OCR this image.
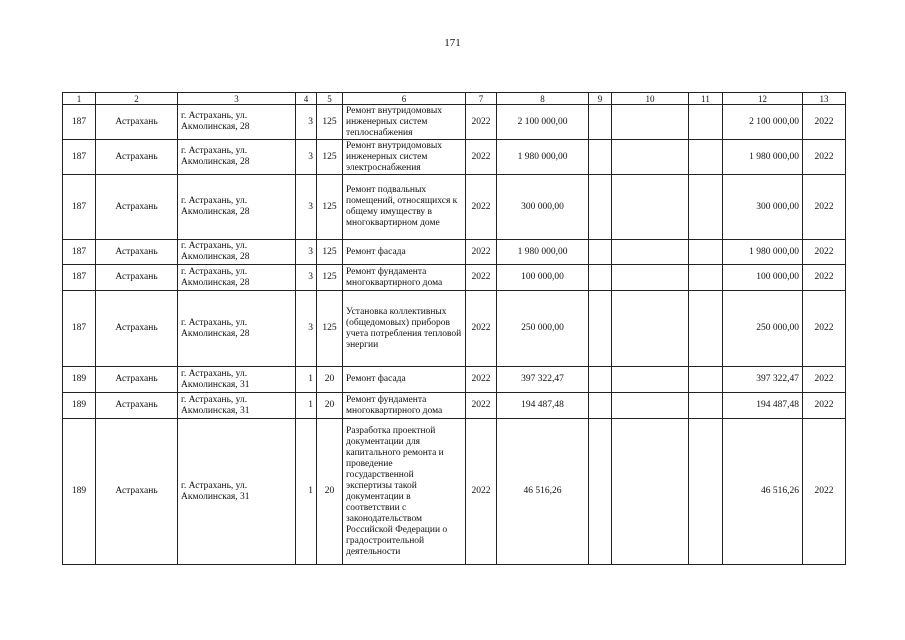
171
1	2	3	4	5	6	7	8	9	10	11	12	13
187	Астрахань	г. Астрахань, ул. Акмолинская, 28	3	125	Ремонт внутридомовых инженерных систем теплоснабжения	2022	2 100 000,00				2 100 000,00	2022
187	Астрахань	г. Астрахань, ул. Акмолинская, 28	3	125	Ремонт внутридомовых инженерных систем электроснабжения	2022	1 980 000,00				1 980 000,00	2022
187	Астрахань	г. Астрахань, ул. Акмолинская, 28	3	125	Ремонт подвальных помещений, относящихся к общему имуществу в многоквартирном доме	2022	300 000,00				300 000,00	2022
187	Астрахань	г. Астрахань, ул. Акмолинская, 28	3	125	Ремонт фасада	2022	1 980 000,00				1 980 000,00	2022
187	Астрахань	г. Астрахань, ул. Акмолинская, 28	3	125	Ремонт фундамента многоквартирного дома	2022	100 000,00				100 000,00	2022
187	Астрахань	г. Астрахань, ул. Акмолинская, 28	3	125	Установка коллективных (общедомовых) приборов учета потребления тепловой энергии	2022	250 000,00				250 000,00	2022
189	Астрахань	г. Астрахань, ул. Акмолинская, 31	1	20	Ремонт фасада	2022	397 322,47				397 322,47	2022
189	Астрахань	г. Астрахань, ул. Акмолинская, 31	1	20	Ремонт фундамента многоквартирного дома	2022	194 487,48				194 487,48	2022
189	Астрахань	г. Астрахань, ул. Акмолинская, 31	1	20	Разработка проектной документации для капитального ремонта и проведение государственной экспертизы такой документации в соответствии с законодательством Российской Федерации о градостроительной деятельности	2022	46 516,26				46 516,26	2022
